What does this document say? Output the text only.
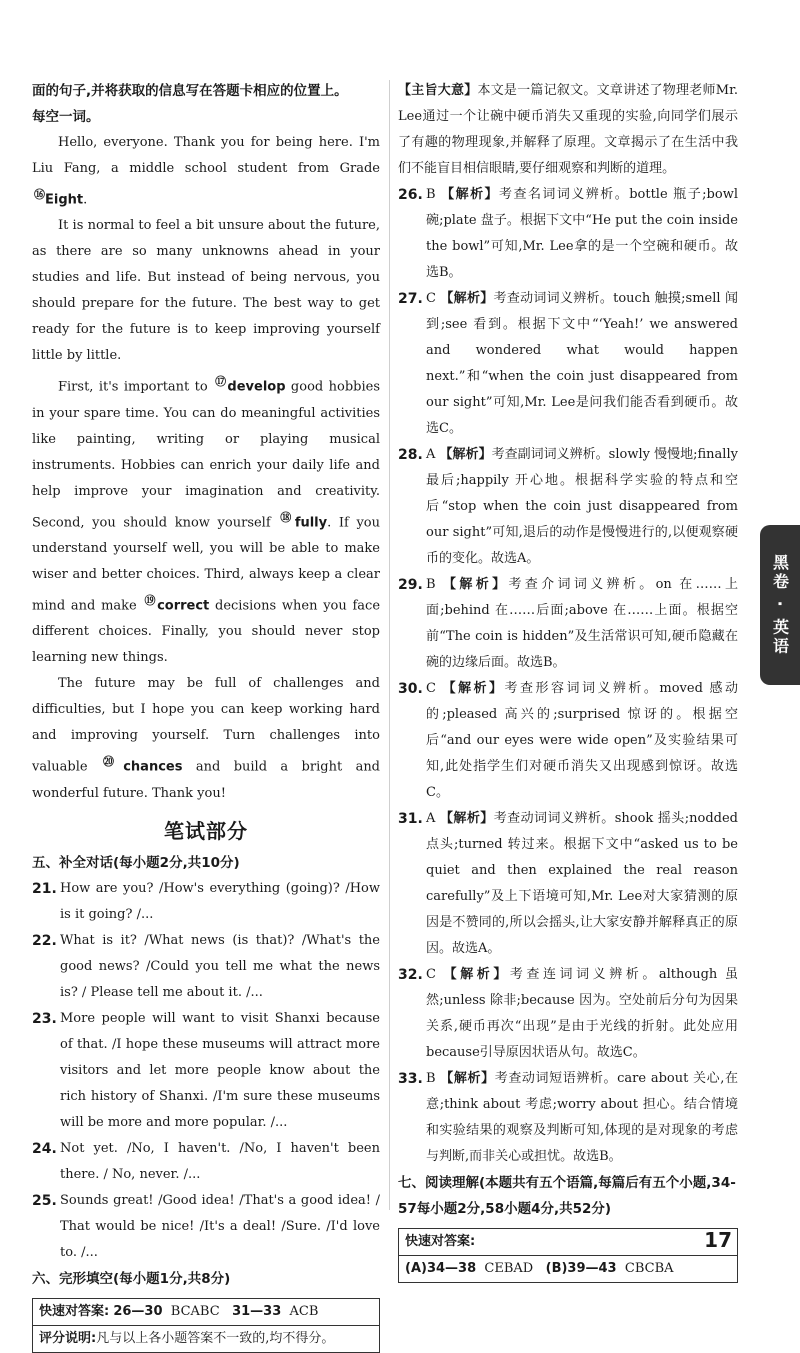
面的句子,并将获取的信息写在答题卡相应的位置上。

每空一词。

Hello, everyone. Thank you for being here. I'm Liu Fang, a middle school student from Grade ⑯Eight.

It is normal to feel a bit unsure about the future, as there are so many unknowns ahead in your studies and life. But instead of being nervous, you should prepare for the future. The best way to get ready for the future is to keep improving yourself little by little.

First, it's important to ⑰develop good hobbies in your spare time. You can do meaningful activities like painting, writing or playing musical instruments. Hobbies can enrich your daily life and help improve your imagination and creativity. Second, you should know yourself ⑱fully. If you understand yourself well, you will be able to make wiser and better choices. Third, always keep a clear mind and make ⑲correct decisions when you face different choices. Finally, you should never stop learning new things.

The future may be full of challenges and difficulties, but I hope you can keep working hard and improving yourself. Turn challenges into valuable ⑳chances and build a bright and wonderful future. Thank you!

笔试部分
五、补全对话(每小题2分,共10分)
21. How are you? /How's everything (going)? /How is it going? /...
22. What is it? /What news (is that)? /What's the good news? /Could you tell me what the news is? / Please tell me about it. /...
23. More people will want to visit Shanxi because of that. /I hope these museums will attract more visitors and let more people know about the rich history of Shanxi. /I'm sure these museums will be more and more popular. /...
24. Not yet. /No, I haven't. /No, I haven't been there. / No, never. /...
25. Sounds great! /Good idea! /That's a good idea! / That would be nice! /It's a deal! /Sure. /I'd love to. /...
六、完形填空(每小题1分,共8分)
快速对答案: 26—30 BCABC 31—33 ACB
评分说明:凡与以上各小题答案不一致的,均不得分。

【主旨大意】本文是一篇记叙文。文章讲述了物理老师Mr. Lee通过一个让碗中硬币消失又重现的实验,向同学们展示了有趣的物理现象,并解释了原理。文章揭示了在生活中我们不能盲目相信眼睛,要仔细观察和判断的道理。

26. B 【解析】考查名词词义辨析。bottle 瓶子;bowl 碗;plate 盘子。根据下文中“He put the coin inside the bowl”可知,Mr. Lee拿的是一个空碗和硬币。故选B。
27. C 【解析】考查动词词义辨析。touch 触摸;smell 闻到;see 看到。根据下文中“‘Yeah!’ we answered and wondered what would happen next.”和“when the coin just disappeared from our sight”可知,Mr. Lee是问我们能否看到硬币。故选C。
28. A 【解析】考查副词词义辨析。slowly 慢慢地;finally 最后;happily 开心地。根据科学实验的特点和空后“stop when the coin just disappeared from our sight”可知,退后的动作是慢慢进行的,以便观察硬币的变化。故选A。
29. B 【解析】考查介词词义辨析。on 在……上面;behind 在……后面;above 在……上面。根据空前“The coin is hidden”及生活常识可知,硬币隐藏在碗的边缘后面。故选B。
30. C 【解析】考查形容词词义辨析。moved 感动的;pleased 高兴的;surprised 惊讶的。根据空后“and our eyes were wide open”及实验结果可知,此处指学生们对硬币消失又出现感到惊讶。故选C。
31. A 【解析】考查动词词义辨析。shook 摇头;nodded 点头;turned 转过来。根据下文中“asked us to be quiet and then explained the real reason carefully”及上下语境可知,Mr. Lee对大家猜测的原因是不赞同的,所以会摇头,让大家安静并解释真正的原因。故选A。
32. C 【解析】考查连词词义辨析。although 虽然;unless 除非;because 因为。空处前后分句为因果关系,硬币再次“出现”是由于光线的折射。此处应用because引导原因状语从句。故选C。
33. B 【解析】考查动词短语辨析。care about 关心,在意;think about 考虑;worry about 担心。结合情境和实验结果的观察及判断可知,体现的是对现象的考虑与判断,而非关心或担忧。故选B。
七、阅读理解(本题共有五个语篇,每篇后有五个小题,34-57每小题2分,58小题4分,共52分)
快速对答案:
(A)34—38 CEBAD (B)39—43 CBCBA
黑卷 · 英语
17
